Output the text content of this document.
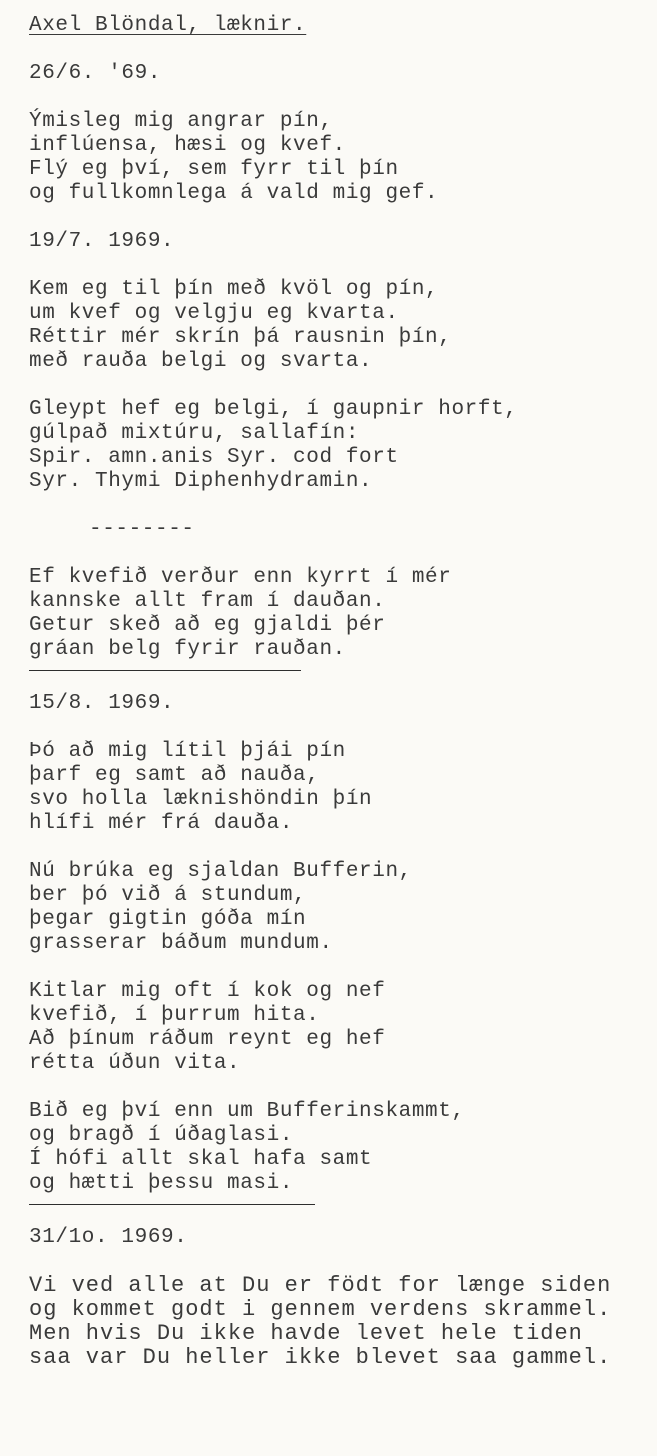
Axel Blöndal, læknir.
26/6. '69.
Ýmisleg mig angrar pín,
inflúensa, hæsi og kvef.
Flý eg því, sem fyrr til þín
og fullkomnlega á vald mig gef.
19/7. 1969.
Kem eg til þín með kvöl og pín,
um kvef og velgju eg kvarta.
Réttir mér skrín þá rausnin þín,
með rauða belgi og svarta.
Gleypt hef eg belgi, í gaupnir horft,
gúlpað mixtúru, sallafín:
Spir. amn.anis Syr. cod fort
Syr. Thymi Diphenhydramin.
--------
Ef kvefið verður enn kyrrt í mér
kannske allt fram í dauðan.
Getur skeð að eg gjaldi þér
gráan belg fyrir rauðan.
15/8. 1969.
Þó að mig lítil þjái pín
þarf eg samt að nauða,
svo holla læknishöndin þín
hlífi mér frá dauða.
Nú brúka eg sjaldan Bufferin,
ber þó við á stundum,
þegar gigtin góða mín
grasserar báðum mundum.
Kitlar mig oft í kok og nef
kvefið, í þurrum hita.
Að þínum ráðum reynt eg hef
rétta úðun vita.
Bið eg því enn um Bufferinskammt,
og bragð í úðaglasi.
Í hófi allt skal hafa samt
og hætti þessu masi.
31/1o. 1969.
Vi ved alle at Du er födt for længe siden
og kommet godt i gennem verdens skrammel.
Men hvis Du ikke havde levet hele tiden
saa var Du heller ikke blevet saa gammel.
